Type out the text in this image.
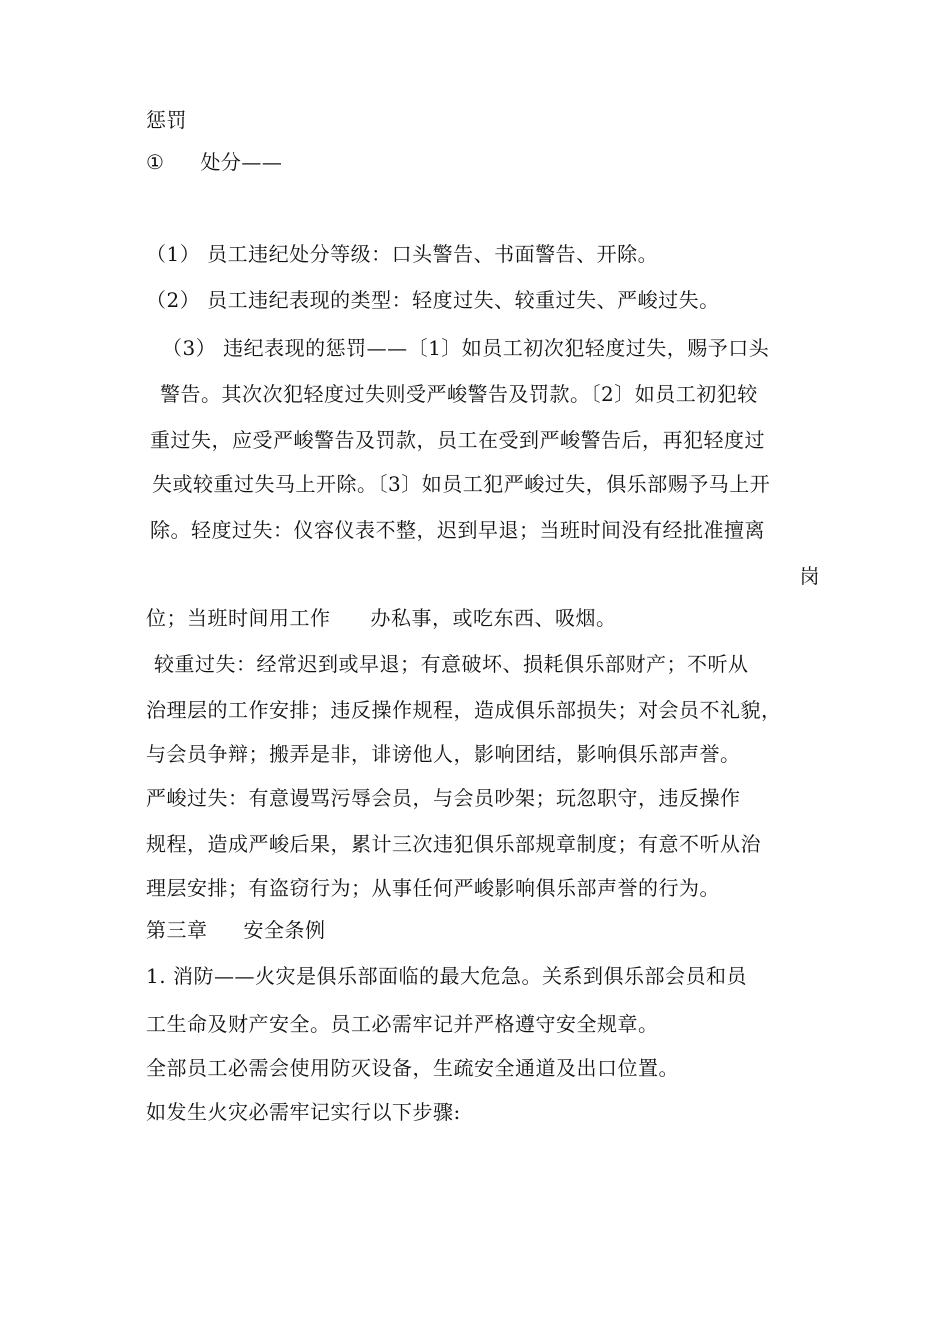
惩罚
① 处分——
（1） 员工违纪处分等级：口头警告、书面警告、开除。
（2） 员工违纪表现的类型：轻度过失、较重过失、严峻过失。
（3） 违纪表现的惩罚——〔1〕如员工初次犯轻度过失，赐予口头
警告。其次次犯轻度过失则受严峻警告及罚款。〔2〕如员工初犯较
重过失，应受严峻警告及罚款，员工在受到严峻警告后，再犯轻度过
失或较重过失马上开除。〔3〕如员工犯严峻过失，俱乐部赐予马上开
除。轻度过失：仪容仪表不整，迟到早退；当班时间没有经批准擅离
岗
位；当班时间用工作 办私事，或吃东西、吸烟。
较重过失：经常迟到或早退；有意破坏、损耗俱乐部财产；不听从
治理层的工作安排；违反操作规程，造成俱乐部损失；对会员不礼貌，
与会员争辩；搬弄是非，诽谤他人，影响团结，影响俱乐部声誉。
严峻过失：有意谩骂污辱会员，与会员吵架；玩忽职守，违反操作
规程，造成严峻后果，累计三次违犯俱乐部规章制度；有意不听从治
理层安排；有盗窃行为；从事任何严峻影响俱乐部声誉的行为。
第三章 安全条例
1. 消防——火灾是俱乐部面临的最大危急。关系到俱乐部会员和员
工生命及财产安全。员工必需牢记并严格遵守安全规章。
全部员工必需会使用防灭设备，生疏安全通道及出口位置。
如发生火灾必需牢记实行以下步骤:
